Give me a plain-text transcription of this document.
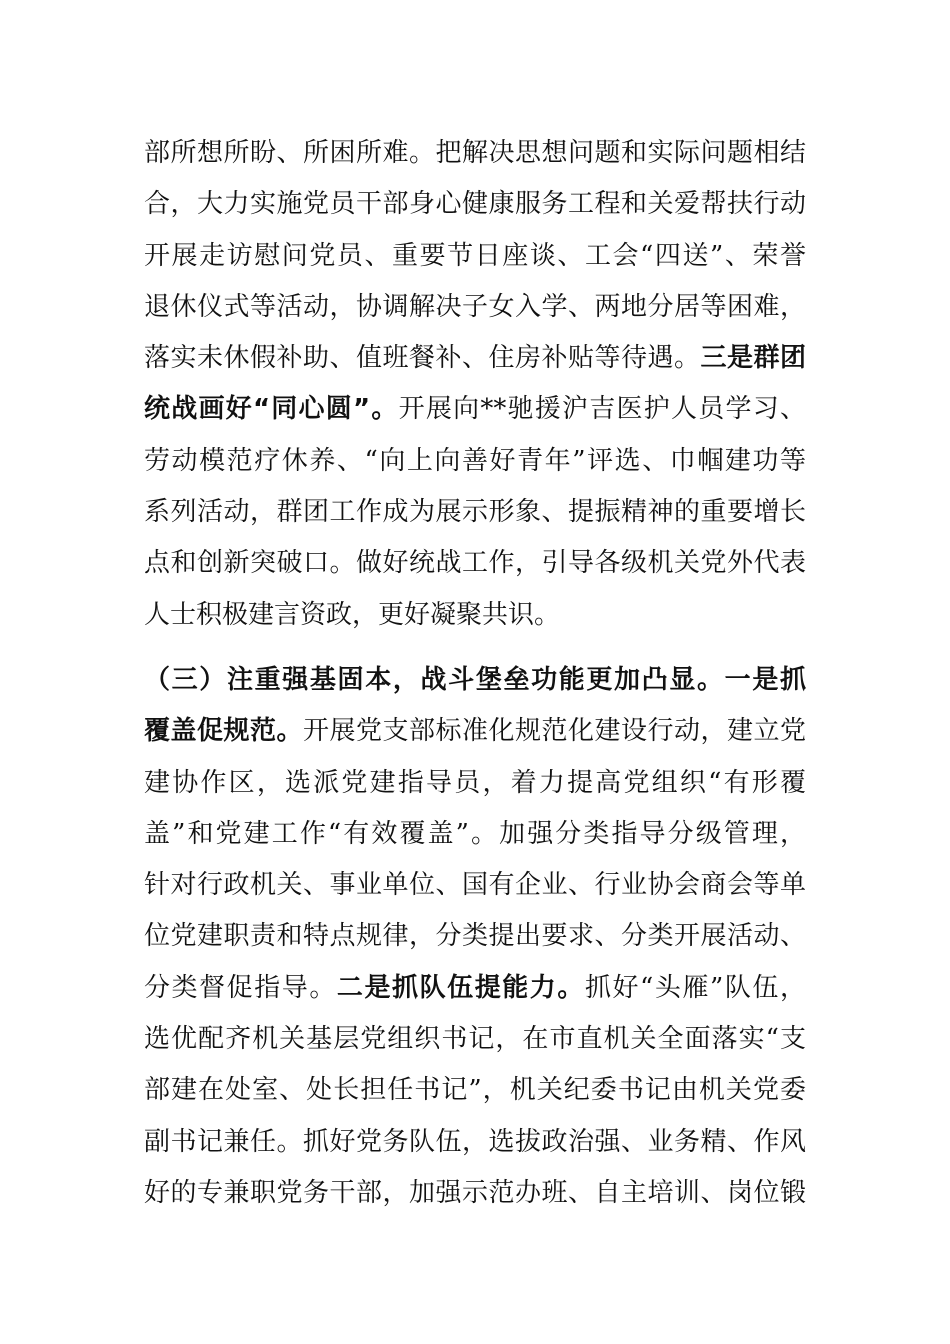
部所想所盼、所困所难。把解决思想问题和实际问题相结
合，大力实施党员干部身心健康服务工程和关爱帮扶行动
开展走访慰问党员、重要节日座谈、工会“四送”、荣誉
退休仪式等活动，协调解决子女入学、两地分居等困难，
落实未休假补助、值班餐补、住房补贴等待遇。三是群团
统战画好“同心圆”。开展向**驰援沪吉医护人员学习、
劳动模范疗休养、“向上向善好青年”评选、巾帼建功等
系列活动，群团工作成为展示形象、提振精神的重要增长
点和创新突破口。做好统战工作，引导各级机关党外代表
人士积极建言资政，更好凝聚共识。
（三）注重强基固本，战斗堡垒功能更加凸显。一是抓
覆盖促规范。开展党支部标准化规范化建设行动，建立党
建协作区，选派党建指导员，着力提高党组织“有形覆
盖”和党建工作“有效覆盖”。加强分类指导分级管理，
针对行政机关、事业单位、国有企业、行业协会商会等单
位党建职责和特点规律，分类提出要求、分类开展活动、
分类督促指导。二是抓队伍提能力。抓好“头雁”队伍，
选优配齐机关基层党组织书记，在市直机关全面落实“支
部建在处室、处长担任书记”，机关纪委书记由机关党委
副书记兼任。抓好党务队伍，选拔政治强、业务精、作风
好的专兼职党务干部，加强示范办班、自主培训、岗位锻
